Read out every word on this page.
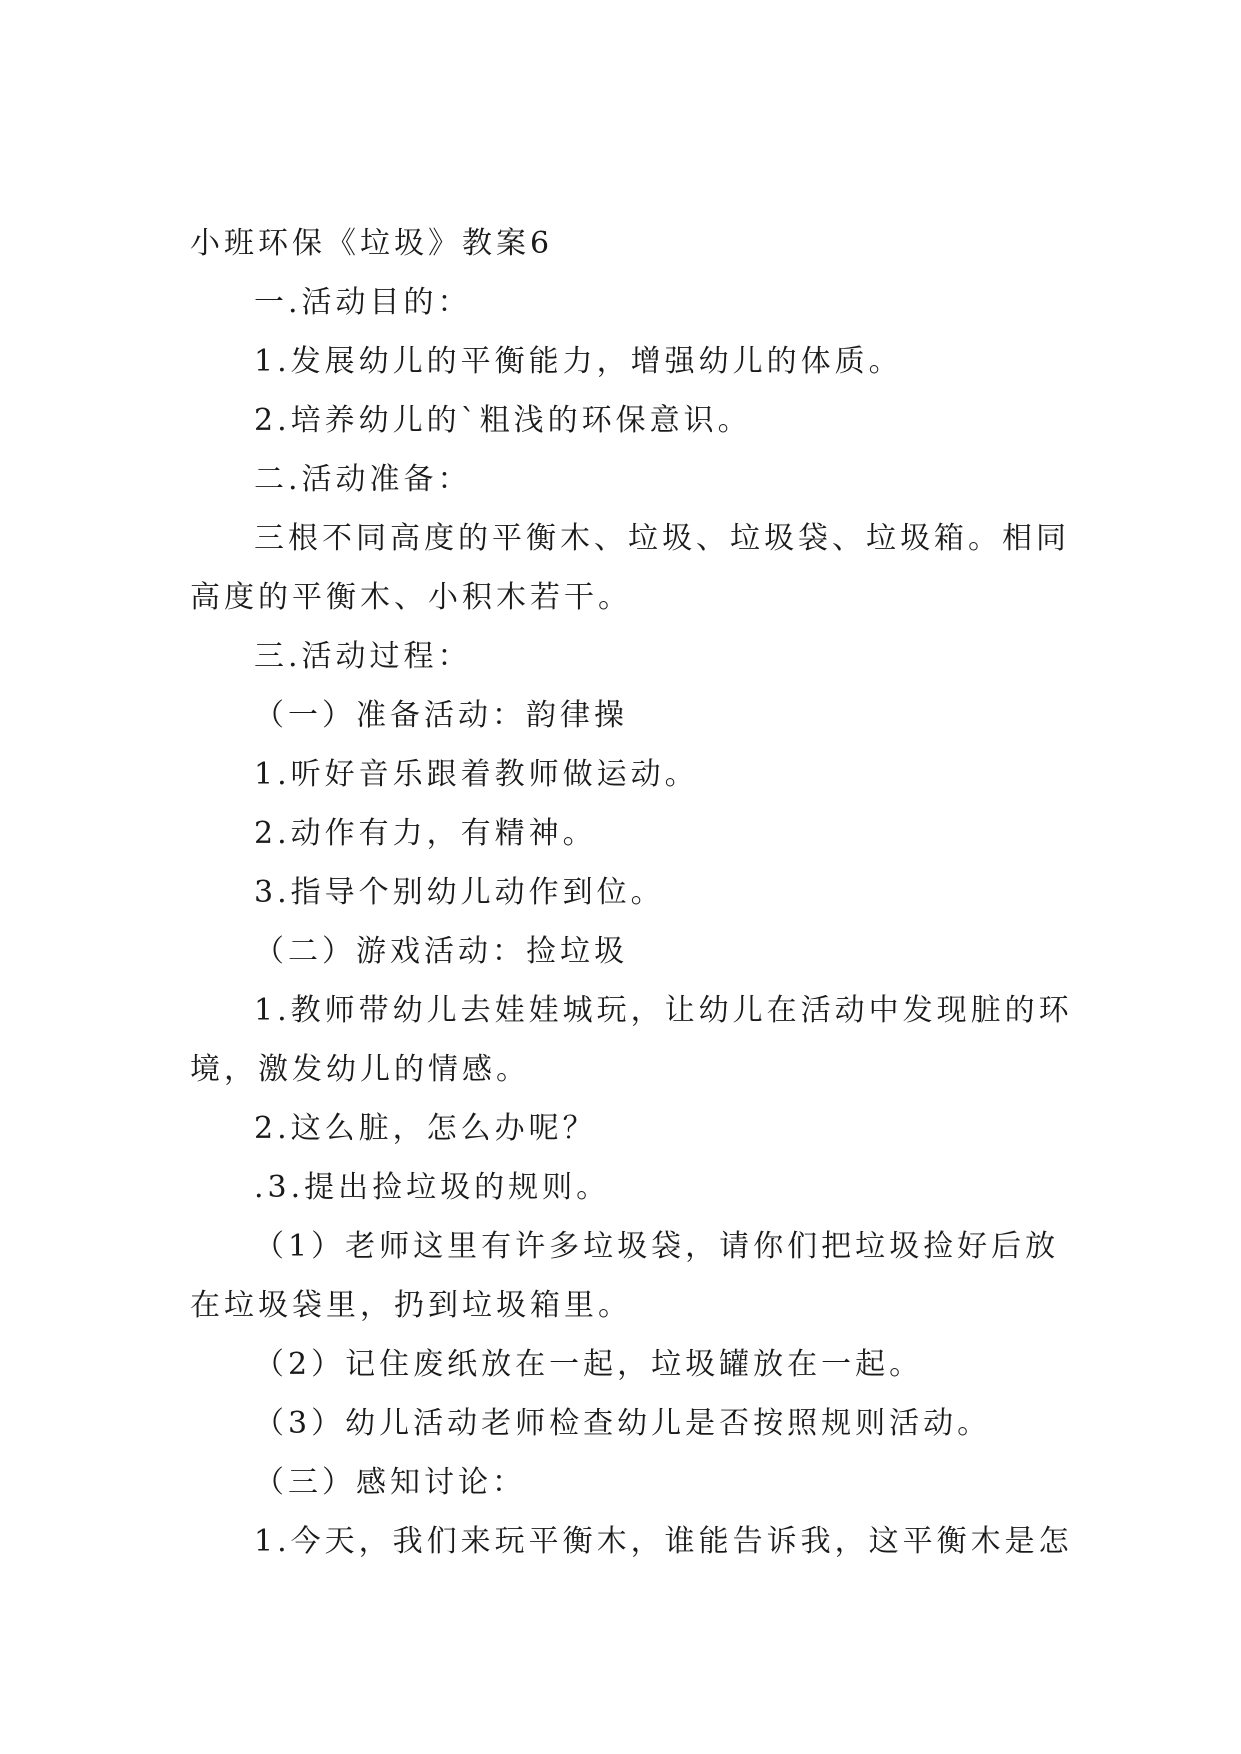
小班环保《垃圾》教案6
一.活动目的：
1.发展幼儿的平衡能力，增强幼儿的体质。
2.培养幼儿的`粗浅的环保意识。
二.活动准备：
三根不同高度的平衡木、垃圾、垃圾袋、垃圾箱。相同
高度的平衡木、小积木若干。
三.活动过程：
（一）准备活动：韵律操
1.听好音乐跟着教师做运动。
2.动作有力，有精神。
3.指导个别幼儿动作到位。
（二）游戏活动：捡垃圾
1.教师带幼儿去娃娃城玩，让幼儿在活动中发现脏的环
境，激发幼儿的情感。
2.这么脏，怎么办呢？
.3.提出捡垃圾的规则。
（1）老师这里有许多垃圾袋，请你们把垃圾捡好后放
在垃圾袋里，扔到垃圾箱里。
（2）记住废纸放在一起，垃圾罐放在一起。
（3）幼儿活动老师检查幼儿是否按照规则活动。
（三）感知讨论：
1.今天，我们来玩平衡木，谁能告诉我，这平衡木是怎
